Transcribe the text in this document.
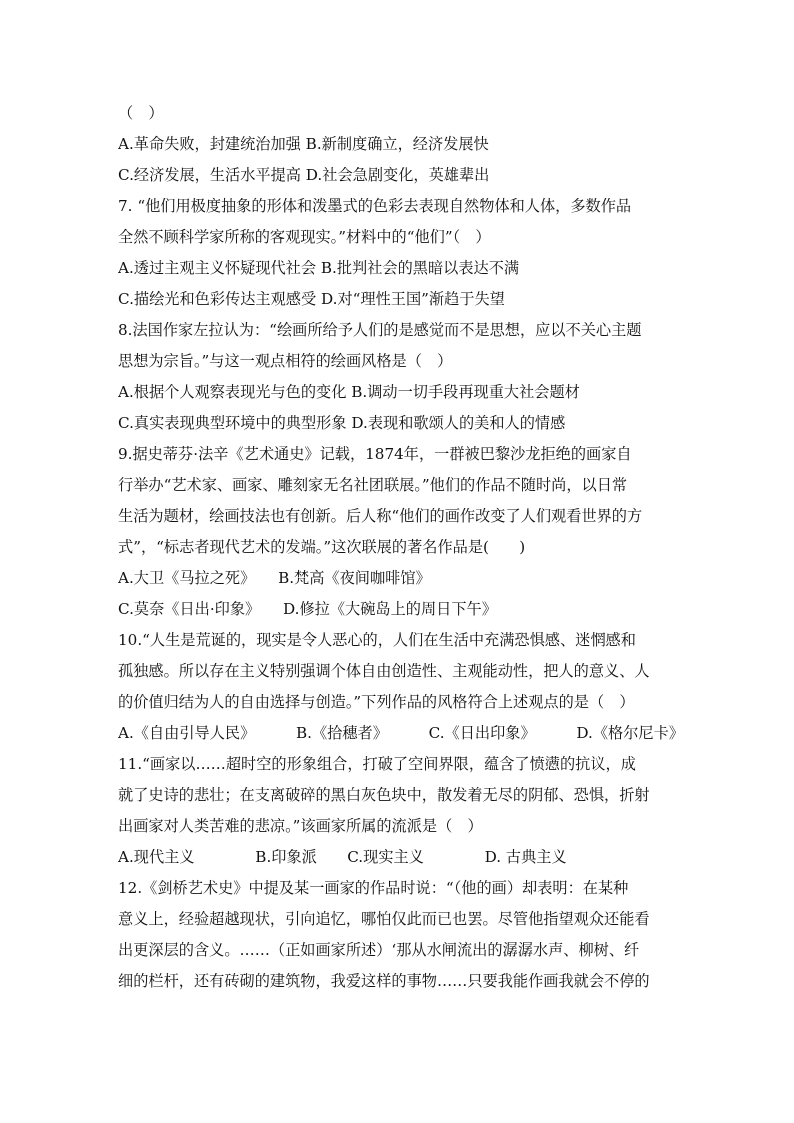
（　）
A.革命失败，封建统治加强 B.新制度确立，经济发展快
C.经济发展，生活水平提高 D.社会急剧变化，英雄辈出
7. “他们用极度抽象的形体和泼墨式的色彩去表现自然物体和人体，多数作品
全然不顾科学家所称的客观现实。”材料中的“他们”（　）
A.透过主观主义怀疑现代社会 B.批判社会的黑暗以表达不满
C.描绘光和色彩传达主观感受 D.对“理性王国”渐趋于失望
8.法国作家左拉认为：“绘画所给予人们的是感觉而不是思想，应以不关心主题
思想为宗旨。”与这一观点相符的绘画风格是（　）
A.根据个人观察表现光与色的变化 B.调动一切手段再现重大社会题材
C.真实表现典型环境中的典型形象 D.表现和歌颂人的美和人的情感
9.据史蒂芬·法辛《艺术通史》记载，1874年，一群被巴黎沙龙拒绝的画家自
行举办“艺术家、画家、雕刻家无名社团联展。”他们的作品不随时尚，以日常
生活为题材，绘画技法也有创新。后人称“他们的画作改变了人们观看世界的方
式”，“标志者现代艺术的发端。”这次联展的著名作品是(　　)
A.大卫《马拉之死》　　B.梵高《夜间咖啡馆》
C.莫奈《日出·印象》　　D.修拉《大碗岛上的周日下午》
10.“人生是荒诞的，现实是令人恶心的，人们在生活中充满恐惧感、迷惘感和
孤独感。所以存在主义特别强调个体自由创造性、主观能动性，把人的意义、人
的价值归结为人的自由选择与创造。”下列作品的风格符合上述观点的是（　）
A.《自由引导人民》	B.《拾穗者》	C.《日出印象》	D.《格尔尼卡》
11.“画家以……超时空的形象组合，打破了空间界限，蕴含了愤懑的抗议，成
就了史诗的悲壮；在支离破碎的黑白灰色块中，散发着无尽的阴郁、恐惧，折射
出画家对人类苦难的悲凉。”该画家所属的流派是（　）
A.现代主义　　　　B.印象派　　C.现实主义　　　　D. 古典主义
12.《剑桥艺术史》中提及某一画家的作品时说：“（他的画）却表明：在某种
意义上，经验超越现状，引向追忆，哪怕仅此而已也罢。尽管他指望观众还能看
出更深层的含义。……（正如画家所述）‘那从水闸流出的潺潺水声、柳树、纤
细的栏杆，还有砖砌的建筑物，我爱这样的事物……只要我能作画我就会不停的
